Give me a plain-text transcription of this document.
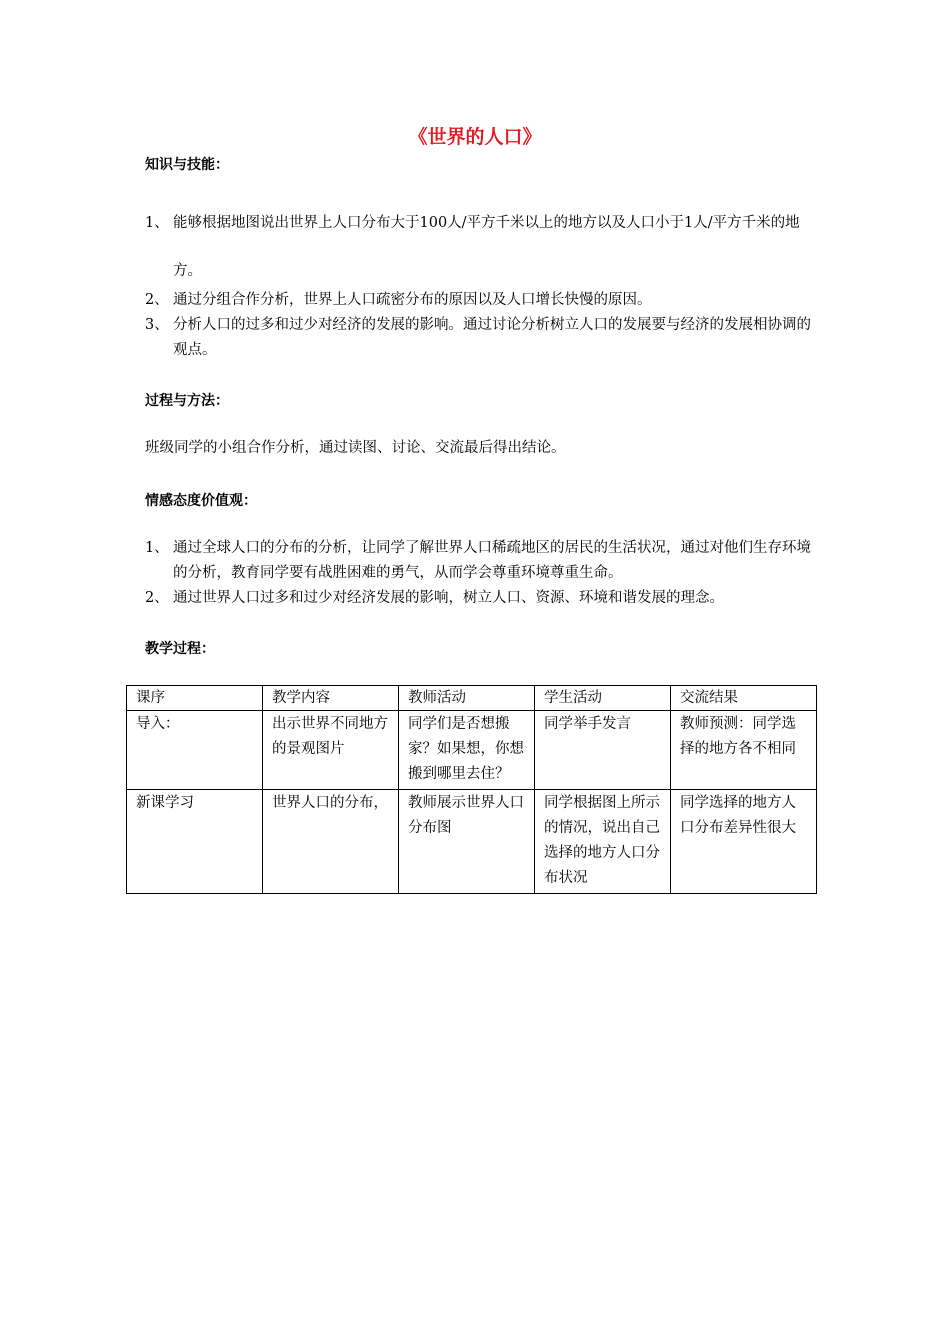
《世界的人口》
知识与技能：
1、 能够根据地图说出世界上人口分布大于100人/平方千米以上的地方以及人口小于1人/平方千米的地方。
2、 通过分组合作分析，世界上人口疏密分布的原因以及人口增长快慢的原因。
3、 分析人口的过多和过少对经济的发展的影响。通过讨论分析树立人口的发展要与经济的发展相协调的观点。
过程与方法：
班级同学的小组合作分析，通过读图、讨论、交流最后得出结论。
情感态度价值观：
1、 通过全球人口的分布的分析，让同学了解世界人口稀疏地区的居民的生活状况，通过对他们生存环境的分析，教育同学要有战胜困难的勇气，从而学会尊重环境尊重生命。
2、 通过世界人口过多和过少对经济发展的影响，树立人口、资源、环境和谐发展的理念。
教学过程：
课序	教学内容	教师活动	学生活动	交流结果
导入：	出示世界不同地方的景观图片	同学们是否想搬家？如果想，你想搬到哪里去住？	同学举手发言	教师预测：同学选择的地方各不相同
新课学习	世界人口的分布，	教师展示世界人口分布图	同学根据图上所示的情况，说出自己选择的地方人口分布状况	同学选择的地方人口分布差异性很大
